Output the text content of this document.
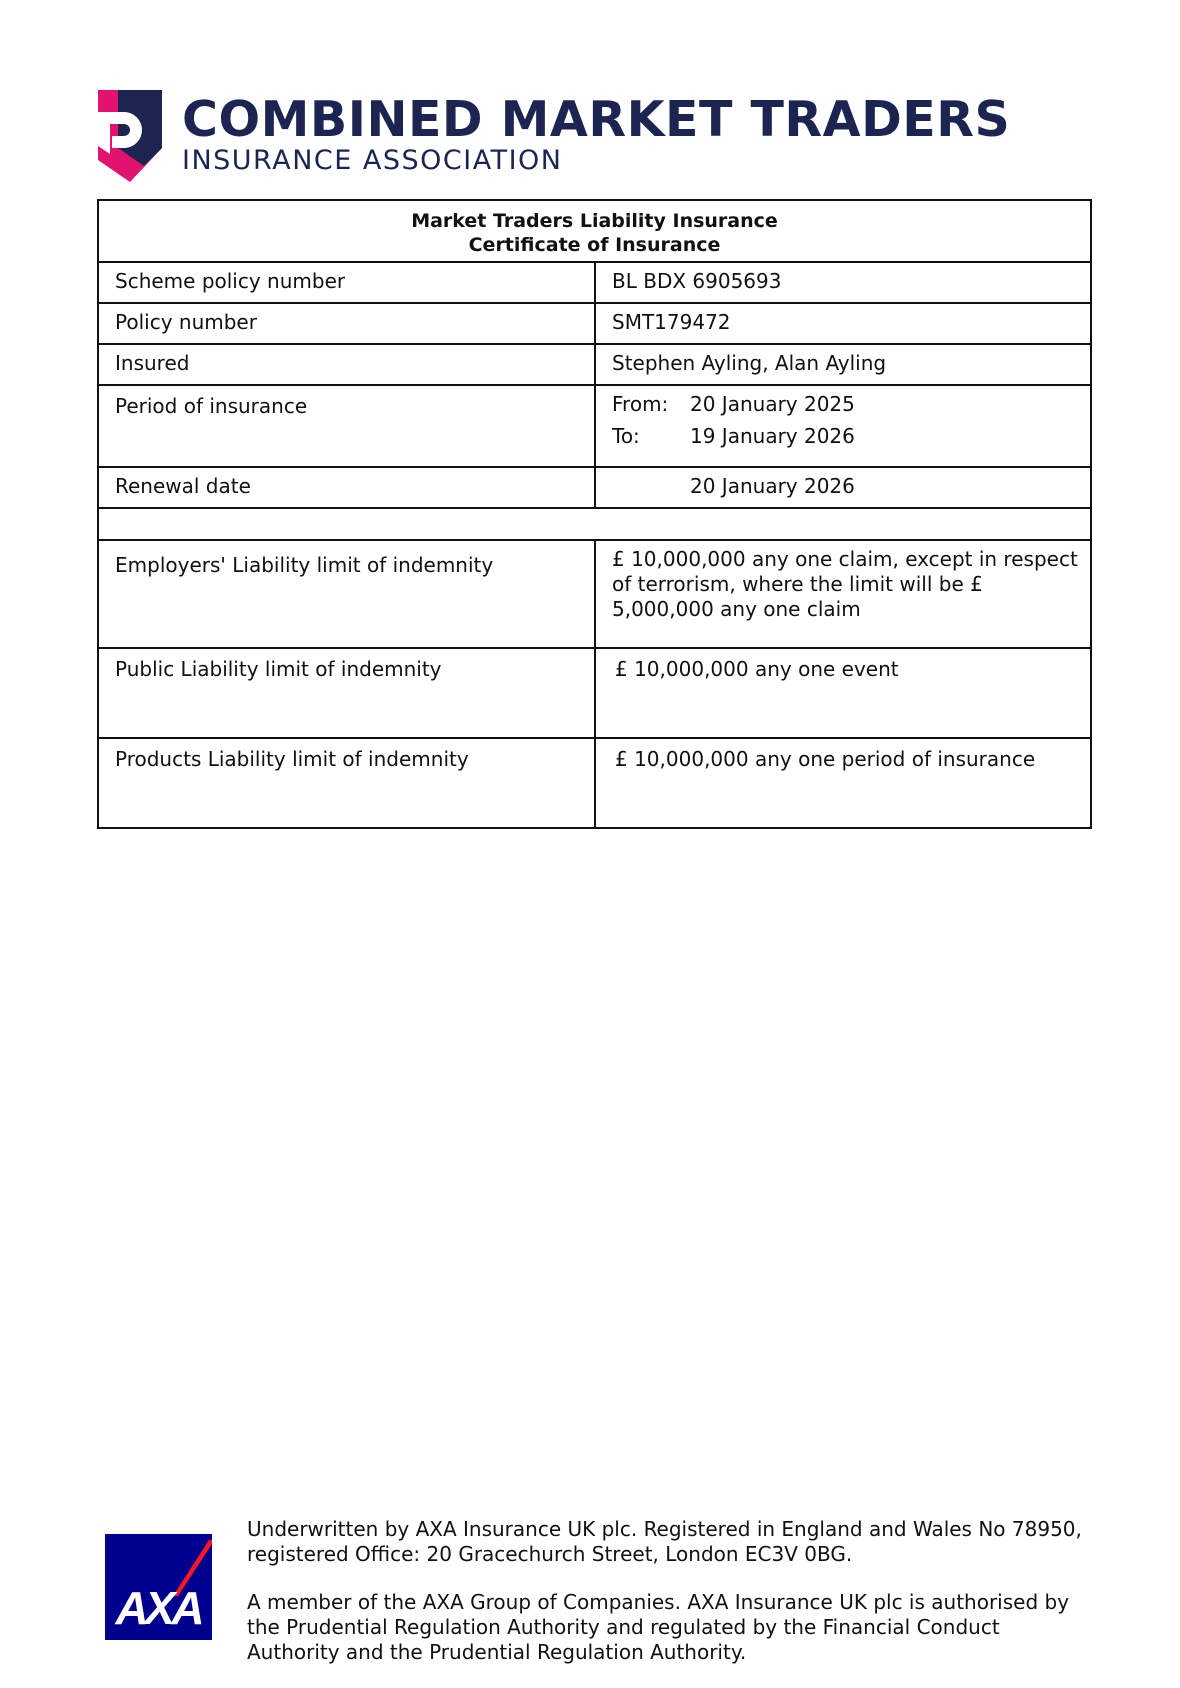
COMBINED MARKET TRADERS
INSURANCE ASSOCIATION
Market Traders Liability Insurance
Certificate of Insurance	

Scheme policy number	BL BDX 6905693
Policy number	SMT179472
Insured	Stephen Ayling, Alan Ayling
Period of insurance	From: 20 January 2025
To: 19 January 2026

Renewal date	20 January 2026

Employers' Liability limit of indemnity	£ 10,000,000 any one claim, except in respect of terrorism, where the limit will be £ 5,000,000 any one claim
Public Liability limit of indemnity	£ 10,000,000 any one event
Products Liability limit of indemnity	£ 10,000,000 any one period of insurance
AXA

Underwritten by AXA Insurance UK plc. Registered in England and Wales No 78950, registered Office: 20 Gracechurch Street, London EC3V 0BG.

A member of the AXA Group of Companies. AXA Insurance UK plc is authorised by the Prudential Regulation Authority and regulated by the Financial Conduct Authority and the Prudential Regulation Authority.
